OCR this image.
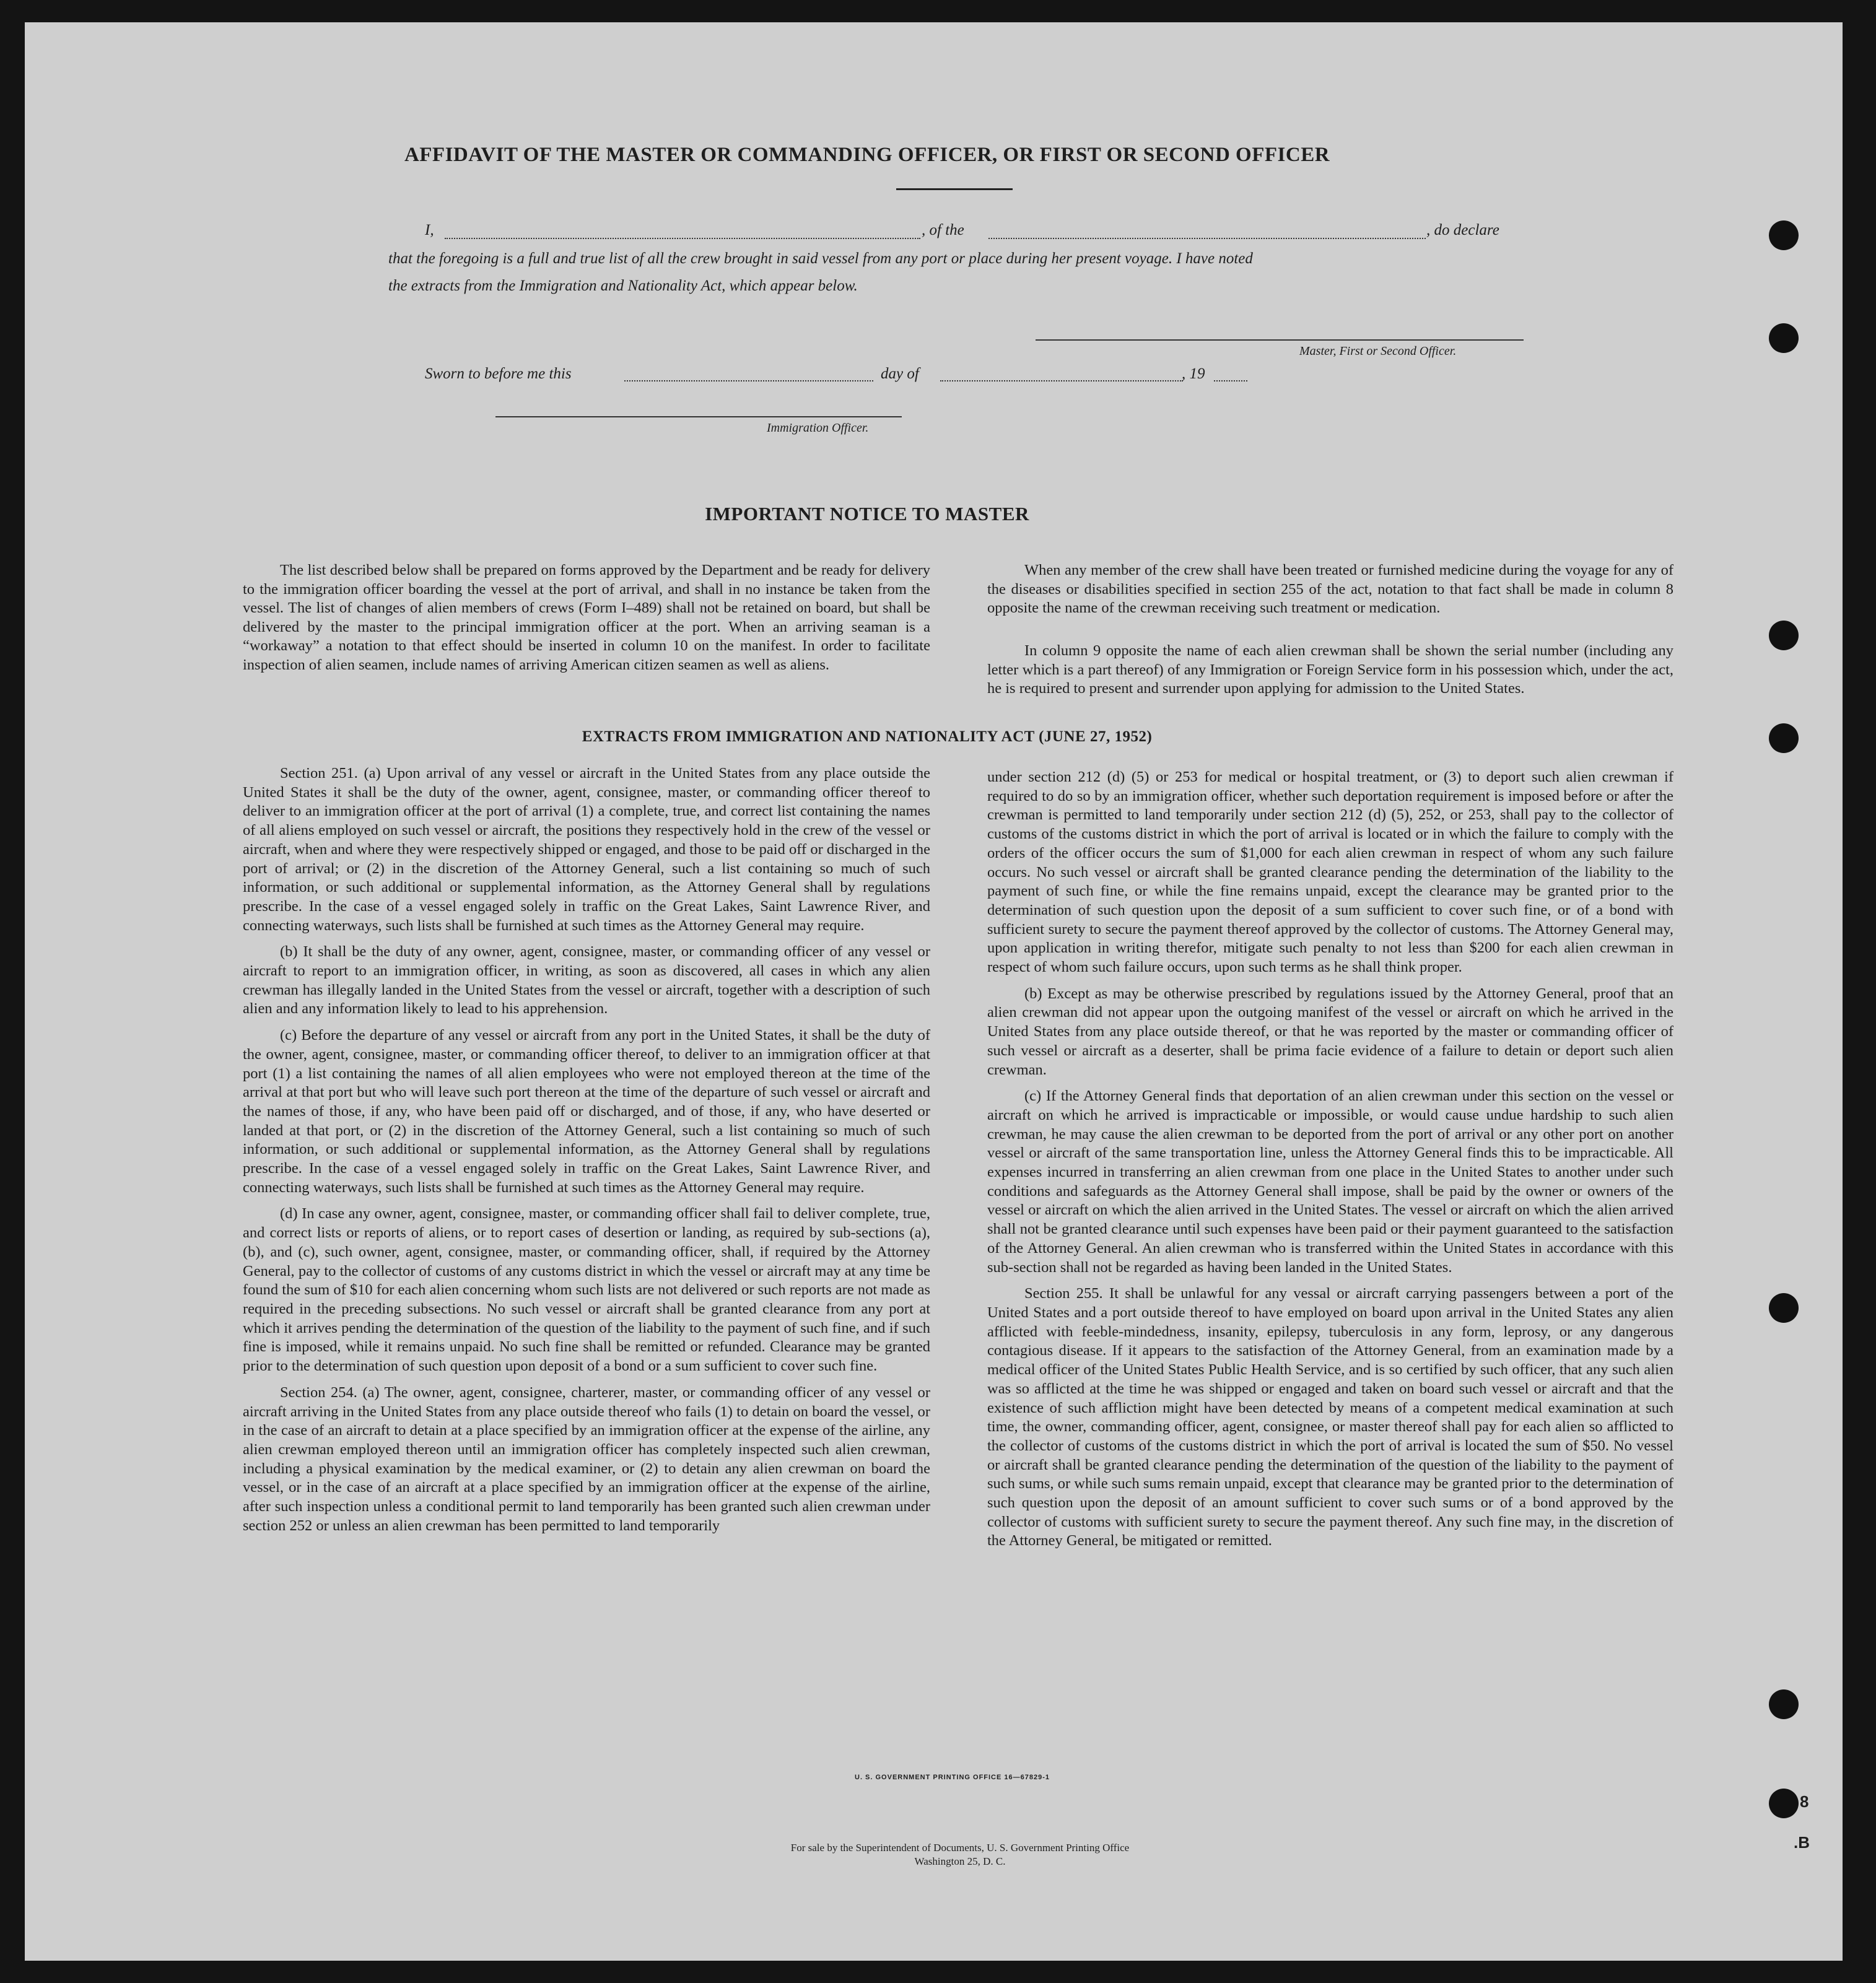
AFFIDAVIT OF THE MASTER OR COMMANDING OFFICER, OR FIRST OR SECOND OFFICER
I,	, of the	, do declare
that the foregoing is a full and true list of all the crew brought in said vessel from any port or place during her present voyage. I have noted
the extracts from the Immigration and Nationality Act, which appear below.
Master, First or Second Officer.
Sworn to before me this	day of	, 19
Immigration Officer.
IMPORTANT NOTICE TO MASTER

The list described below shall be prepared on forms approved by the Department and be ready for delivery to the immigration officer boarding the vessel at the port of arrival, and shall in no instance be taken from the vessel. The list of changes of alien members of crews (Form I–489) shall not be retained on board, but shall be delivered by the master to the principal immigration officer at the port. When an arriving seaman is a “workaway” a notation to that effect should be inserted in column 10 on the manifest. In order to facilitate inspection of alien seamen, include names of arriving American citizen seamen as well as aliens.

When any member of the crew shall have been treated or furnished medicine during the voyage for any of the diseases or disabilities specified in section 255 of the act, notation to that fact shall be made in column 8 opposite the name of the crewman receiving such treatment or medication.

In column 9 opposite the name of each alien crewman shall be shown the serial number (including any letter which is a part thereof) of any Immigration or Foreign Service form in his possession which, under the act, he is required to present and surrender upon applying for admission to the United States.

EXTRACTS FROM IMMIGRATION AND NATIONALITY ACT (JUNE 27, 1952)

Section 251. (a) Upon arrival of any vessel or aircraft in the United States from any place outside the United States it shall be the duty of the owner, agent, consignee, master, or commanding officer thereof to deliver to an immigration officer at the port of arrival (1) a complete, true, and correct list containing the names of all aliens employed on such vessel or aircraft, the positions they respectively hold in the crew of the vessel or aircraft, when and where they were respectively shipped or engaged, and those to be paid off or discharged in the port of arrival; or (2) in the discretion of the Attorney General, such a list containing so much of such information, or such additional or supplemental information, as the Attorney General shall by regulations prescribe. In the case of a vessel engaged solely in traffic on the Great Lakes, Saint Lawrence River, and connecting waterways, such lists shall be furnished at such times as the Attorney General may require.

(b) It shall be the duty of any owner, agent, consignee, master, or commanding officer of any vessel or aircraft to report to an immigration officer, in writing, as soon as discovered, all cases in which any alien crewman has illegally landed in the United States from the vessel or aircraft, together with a description of such alien and any information likely to lead to his apprehension.

(c) Before the departure of any vessel or aircraft from any port in the United States, it shall be the duty of the owner, agent, consignee, master, or commanding officer thereof, to deliver to an immigration officer at that port (1) a list containing the names of all alien employees who were not employed thereon at the time of the arrival at that port but who will leave such port thereon at the time of the departure of such vessel or aircraft and the names of those, if any, who have been paid off or discharged, and of those, if any, who have deserted or landed at that port, or (2) in the discretion of the Attorney General, such a list containing so much of such information, or such additional or supplemental information, as the Attorney General shall by regulations prescribe. In the case of a vessel engaged solely in traffic on the Great Lakes, Saint Lawrence River, and connecting waterways, such lists shall be furnished at such times as the Attorney General may require.

(d) In case any owner, agent, consignee, master, or commanding officer shall fail to deliver complete, true, and correct lists or reports of aliens, or to report cases of desertion or landing, as required by sub-sections (a), (b), and (c), such owner, agent, consignee, master, or commanding officer, shall, if required by the Attorney General, pay to the collector of customs of any customs district in which the vessel or aircraft may at any time be found the sum of $10 for each alien concerning whom such lists are not delivered or such reports are not made as required in the preceding subsections. No such vessel or aircraft shall be granted clearance from any port at which it arrives pending the determination of the question of the liability to the payment of such fine, and if such fine is imposed, while it remains unpaid. No such fine shall be remitted or refunded. Clearance may be granted prior to the determination of such question upon deposit of a bond or a sum sufficient to cover such fine.

Section 254. (a) The owner, agent, consignee, charterer, master, or commanding officer of any vessel or aircraft arriving in the United States from any place outside thereof who fails (1) to detain on board the vessel, or in the case of an aircraft to detain at a place specified by an immigration officer at the expense of the airline, any alien crewman employed thereon until an immigration officer has completely inspected such alien crewman, including a physical examination by the medical examiner, or (2) to detain any alien crewman on board the vessel, or in the case of an aircraft at a place specified by an immigration officer at the expense of the airline, after such inspection unless a conditional permit to land temporarily has been granted such alien crewman under section 252 or unless an alien crewman has been permitted to land temporarily

under section 212 (d) (5) or 253 for medical or hospital treatment, or (3) to deport such alien crewman if required to do so by an immigration officer, whether such deportation requirement is imposed before or after the crewman is permitted to land temporarily under section 212 (d) (5), 252, or 253, shall pay to the collector of customs of the customs district in which the port of arrival is located or in which the failure to comply with the orders of the officer occurs the sum of $1,000 for each alien crewman in respect of whom any such failure occurs. No such vessel or aircraft shall be granted clearance pending the determination of the liability to the payment of such fine, or while the fine remains unpaid, except the clearance may be granted prior to the determination of such question upon the deposit of a sum sufficient to cover such fine, or of a bond with sufficient surety to secure the payment thereof approved by the collector of customs. The Attorney General may, upon application in writing therefor, mitigate such penalty to not less than $200 for each alien crewman in respect of whom such failure occurs, upon such terms as he shall think proper.

(b) Except as may be otherwise prescribed by regulations issued by the Attorney General, proof that an alien crewman did not appear upon the outgoing manifest of the vessel or aircraft on which he arrived in the United States from any place outside thereof, or that he was reported by the master or commanding officer of such vessel or aircraft as a deserter, shall be prima facie evidence of a failure to detain or deport such alien crewman.

(c) If the Attorney General finds that deportation of an alien crewman under this section on the vessel or aircraft on which he arrived is impracticable or impossible, or would cause undue hardship to such alien crewman, he may cause the alien crewman to be deported from the port of arrival or any other port on another vessel or aircraft of the same transportation line, unless the Attorney General finds this to be impracticable. All expenses incurred in transferring an alien crewman from one place in the United States to another under such conditions and safeguards as the Attorney General shall impose, shall be paid by the owner or owners of the vessel or aircraft on which the alien arrived in the United States. The vessel or aircraft on which the alien arrived shall not be granted clearance until such expenses have been paid or their payment guaranteed to the satisfaction of the Attorney General. An alien crewman who is transferred within the United States in accordance with this sub-section shall not be regarded as having been landed in the United States.

Section 255. It shall be unlawful for any vessal or aircraft carrying passengers between a port of the United States and a port outside thereof to have employed on board upon arrival in the United States any alien afflicted with feeble-mindedness, insanity, epilepsy, tuberculosis in any form, leprosy, or any dangerous contagious disease. If it appears to the satisfaction of the Attorney General, from an examination made by a medical officer of the United States Public Health Service, and is so certified by such officer, that any such alien was so afflicted at the time he was shipped or engaged and taken on board such vessel or aircraft and that the existence of such affliction might have been detected by means of a competent medical examination at such time, the owner, commanding officer, agent, consignee, or master thereof shall pay for each alien so afflicted to the collector of customs of the customs district in which the port of arrival is located the sum of $50. No vessel or aircraft shall be granted clearance pending the determination of the question of the liability to the payment of such sums, or while such sums remain unpaid, except that clearance may be granted prior to the determination of such question upon the deposit of an amount sufficient to cover such sums or of a bond approved by the collector of customs with sufficient surety to secure the payment thereof. Any such fine may, in the discretion of the Attorney General, be mitigated or remitted.

U. S. GOVERNMENT PRINTING OFFICE 16—67829-1
For sale by the Superintendent of Documents, U. S. Government Printing Office
Washington 25, D. C.
8
.B
